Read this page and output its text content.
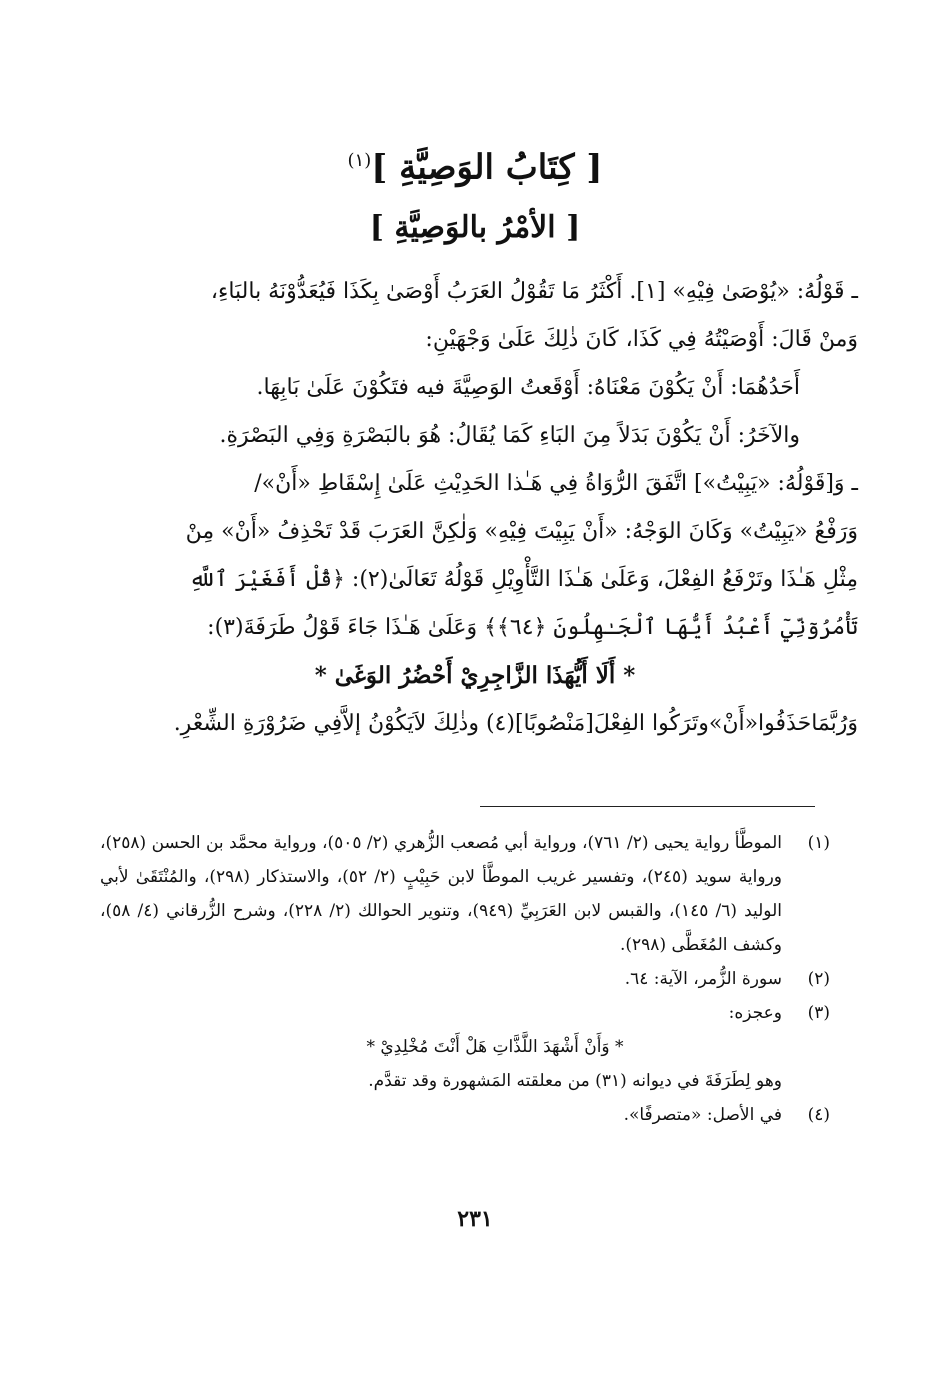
[ كِتَابُ الوَصِيَّةِ ]$^{(١)}$
[ الأمْرُ بالوَصِيَّةِ ]

ـ قَوْلُهُ: «يُوْصَىٰ فِيْهِ» [١]. أَكْثَرُ مَا تَقُوْلُ العَرَبُ أَوْصَىٰ بِكَذَا فَيُعَدُّوْنَهُ بالبَاءِ،

وَمنْ قَالَ: أَوْصَيْتُهُ فِي كَذَا، كَانَ ذٰلِكَ عَلَىٰ وَجْهَيْنِ:

أَحَدُهُمَا: أَنْ يَكُوْنَ مَعْنَاهُ: أَوْقَعتُ الوَصِيَّةَ فيه فتَكُوْنَ عَلَىٰ بَابِهَا.

والآخَرُ: أَنْ يَكُوْنَ بَدَلاً مِنَ البَاءِ كَمَا يُقَالُ: هُوَ بالبَصْرَةِ وَفِي البَصْرَةِ.

ـ وَ[قَوْلُهُ: «يَبِيْتُ»] اتَّفَقَ الرُّوَاةُ فِي هَـٰذا الحَدِيْثِ عَلَىٰ إِسْقَاطِ «أَنْ»/

وَرَفْعُ «يَبِيْتُ» وَكَانَ الوَجْهُ: «أَنْ يَبِيْتَ فِيْهِ» وَلٰكِنَّ العَرَبَ قَدْ تَحْذِفُ «أَنْ» مِنْ

مِثْلِ هَـٰذَا وتَرْفَعُ الفِعْلَ، وَعَلَىٰ هَـٰذَا التَّأْوِيْلِ قَوْلُهُ تَعَالَىٰ(٢): ﴿قُلْ أَفَغَيْرَ ٱللَّهِ

تَأْمُرُوٓنِّيٓ أَعْبُدُ أَيُّهَا ٱلْجَـٰهِلُونَ ﴿٦٤﴾﴾ وَعَلَىٰ هَـٰذَا جَاءَ قَوْلُ طَرَفَةَ(٣):

* أَلَا أَيُّهَذَا الزَّاجِرِيْ أَحْضُرُ الوَغَىٰ *

وَرُبَّمَاحَذَفُوا«أَنْ»وتَرَكُوا الفِعْلَ[مَنْصُوبًا](٤) وذٰلِكَ لاَيَكُوْنُ إلاَّفِي ضَرُوْرَةِ الشِّعْرِ.

(١)
الموطَّأ رواية يحيى (٢/ ٧٦١)، ورواية أبي مُصعب الزُّهري (٢/ ٥٠٥)، ورواية محمَّد بن الحسن (٢٥٨)، ورواية سويد (٢٤٥)، وتفسير غريب الموطَّأ لابن حَبِيْبٍ (٢/ ٥٢)، والاستذكار (٢٩٨)، والمُنْتَقَىٰ لأبي الوليد (٦/ ١٤٥)، والقبس لابن العَرَبِيِّ (٩٤٩)، وتنوير الحوالك (٢/ ٢٢٨)، وشرح الزُّرقاني (٤/ ٥٨)، وكشف المُغَطَّى (٢٩٨).
(٢)
سورة الزُّمر، الآية: ٦٤.
(٣)
وعجزه:
* وَأَنْ أَشْهَدَ اللَّذَّاتِ هَلْ أَنْتَ مُخْلِدِيْ *
وهو لِطَرَفَةَ في ديوانه (٣١) من معلقته المَشهورة وقد تقدَّم.
(٤)
في الأصل: «متصرفًا».
٢٣١
